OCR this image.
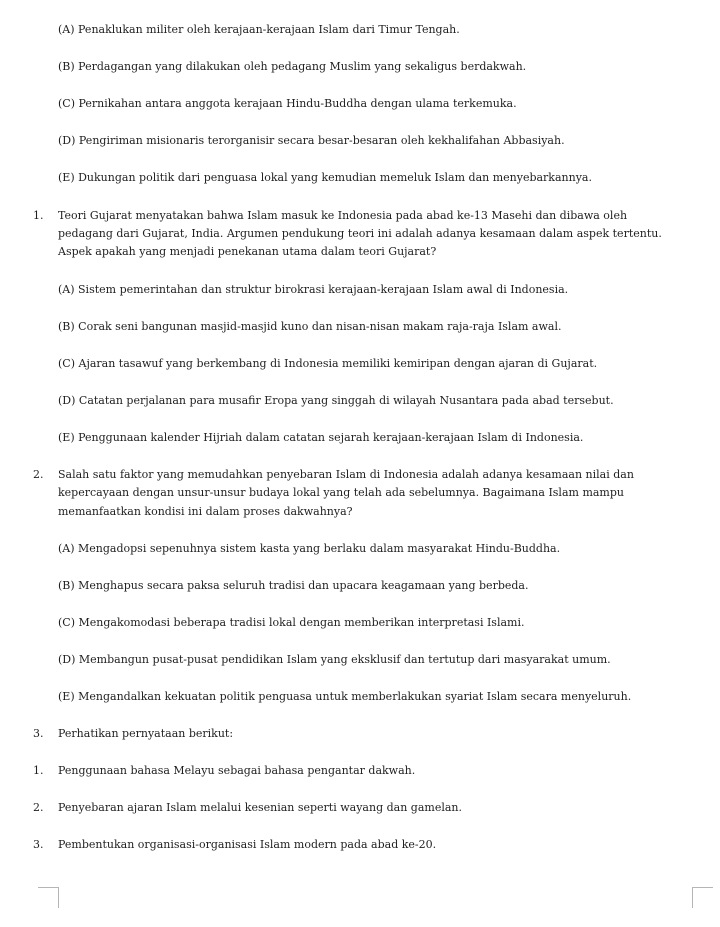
(A) Penaklukan militer oleh kerajaan-kerajaan Islam dari Timur Tengah.
(B) Perdagangan yang dilakukan oleh pedagang Muslim yang sekaligus berdakwah.
(C) Pernikahan antara anggota kerajaan Hindu-Buddha dengan ulama terkemuka.
(D) Pengiriman misionaris terorganisir secara besar-besaran oleh kekhalifahan Abbasiyah.
(E) Dukungan politik dari penguasa lokal yang kemudian memeluk Islam dan menyebarkannya.
1. Teori Gujarat menyatakan bahwa Islam masuk ke Indonesia pada abad ke-13 Masehi dan dibawa oleh
pedagang dari Gujarat, India. Argumen pendukung teori ini adalah adanya kesamaan dalam aspek tertentu.
Aspek apakah yang menjadi penekanan utama dalam teori Gujarat?
(A) Sistem pemerintahan dan struktur birokrasi kerajaan-kerajaan Islam awal di Indonesia.
(B) Corak seni bangunan masjid-masjid kuno dan nisan-nisan makam raja-raja Islam awal.
(C) Ajaran tasawuf yang berkembang di Indonesia memiliki kemiripan dengan ajaran di Gujarat.
(D) Catatan perjalanan para musafir Eropa yang singgah di wilayah Nusantara pada abad tersebut.
(E) Penggunaan kalender Hijriah dalam catatan sejarah kerajaan-kerajaan Islam di Indonesia.
2. Salah satu faktor yang memudahkan penyebaran Islam di Indonesia adalah adanya kesamaan nilai dan
kepercayaan dengan unsur-unsur budaya lokal yang telah ada sebelumnya. Bagaimana Islam mampu
memanfaatkan kondisi ini dalam proses dakwahnya?
(A) Mengadopsi sepenuhnya sistem kasta yang berlaku dalam masyarakat Hindu-Buddha.
(B) Menghapus secara paksa seluruh tradisi dan upacara keagamaan yang berbeda.
(C) Mengakomodasi beberapa tradisi lokal dengan memberikan interpretasi Islami.
(D) Membangun pusat-pusat pendidikan Islam yang eksklusif dan tertutup dari masyarakat umum.
(E) Mengandalkan kekuatan politik penguasa untuk memberlakukan syariat Islam secara menyeluruh.
3. Perhatikan pernyataan berikut:
1. Penggunaan bahasa Melayu sebagai bahasa pengantar dakwah.
2. Penyebaran ajaran Islam melalui kesenian seperti wayang dan gamelan.
3. Pembentukan organisasi-organisasi Islam modern pada abad ke-20.
